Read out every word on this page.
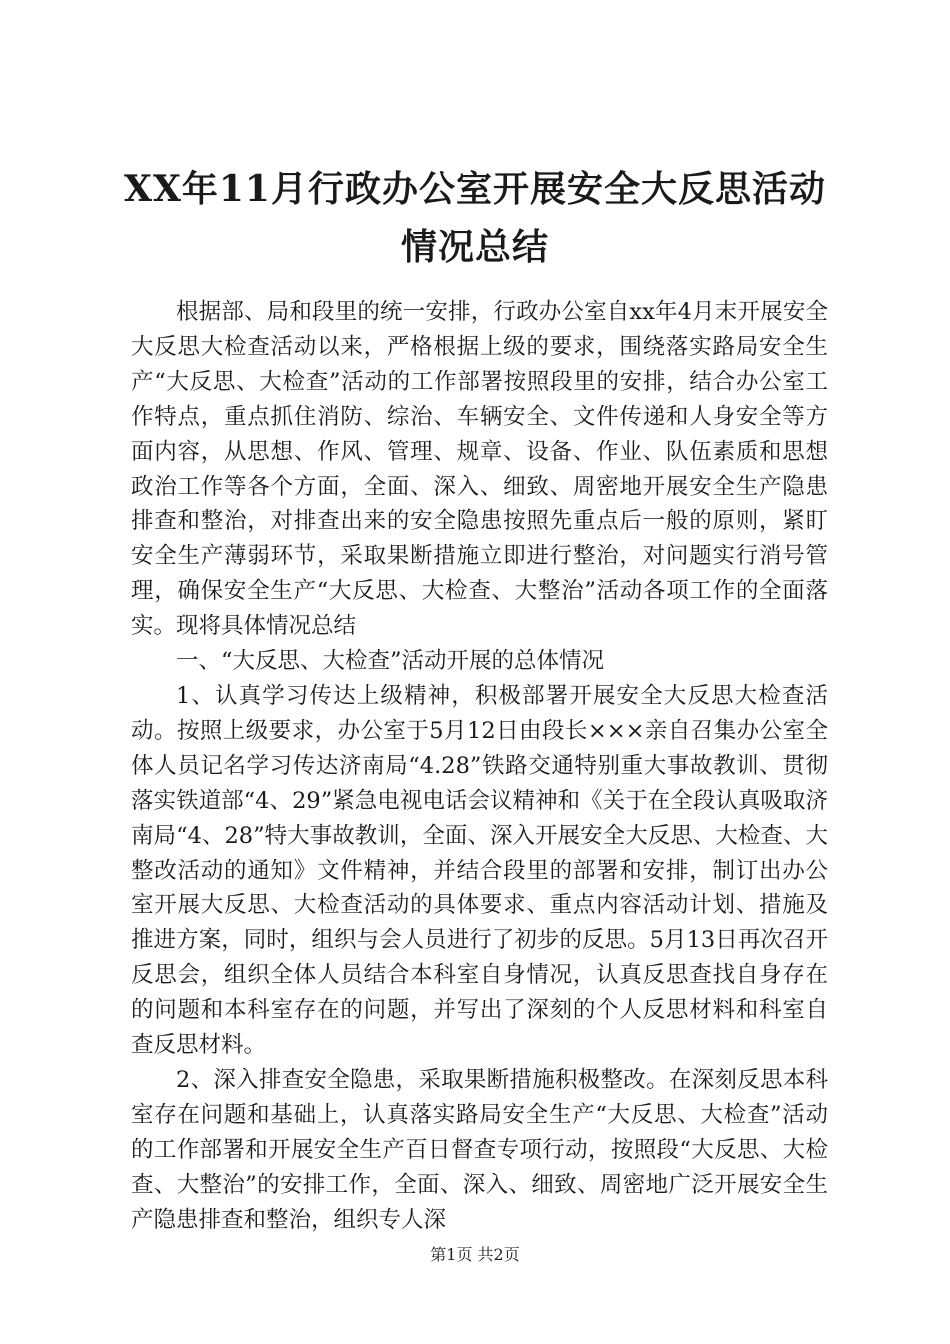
XX年11月行政办公室开展安全大反思活动情况总结

根据部、局和段里的统一安排，行政办公室自xx年4月末开展安全大反思大检查活动以来，严格根据上级的要求，围绕落实路局安全生产“大反思、大检查”活动的工作部署按照段里的安排，结合办公室工作特点，重点抓住消防、综治、车辆安全、文件传递和人身安全等方面内容，从思想、作风、管理、规章、设备、作业、队伍素质和思想政治工作等各个方面，全面、深入、细致、周密地开展安全生产隐患排查和整治，对排查出来的安全隐患按照先重点后一般的原则，紧盯安全生产薄弱环节，采取果断措施立即进行整治，对问题实行消号管理，确保安全生产“大反思、大检查、大整治”活动各项工作的全面落实。现将具体情况总结

一、“大反思、大检查”活动开展的总体情况

1、认真学习传达上级精神，积极部署开展安全大反思大检查活动。按照上级要求，办公室于5月12日由段长×××亲自召集办公室全体人员记名学习传达济南局“4.28”铁路交通特别重大事故教训、贯彻落实铁道部“4、29”紧急电视电话会议精神和《关于在全段认真吸取济南局“4、28”特大事故教训，全面、深入开展安全大反思、大检查、大整改活动的通知》文件精神，并结合段里的部署和安排，制订出办公室开展大反思、大检查活动的具体要求、重点内容活动计划、措施及推进方案，同时，组织与会人员进行了初步的反思。5月13日再次召开反思会，组织全体人员结合本科室自身情况，认真反思查找自身存在的问题和本科室存在的问题，并写出了深刻的个人反思材料和科室自查反思材料。

2、深入排查安全隐患，采取果断措施积极整改。在深刻反思本科室存在问题和基础上，认真落实路局安全生产“大反思、大检查”活动的工作部署和开展安全生产百日督查专项行动，按照段“大反思、大检查、大整治”的安排工作，全面、深入、细致、周密地广泛开展安全生产隐患排查和整治，组织专人深

第1页 共2页
